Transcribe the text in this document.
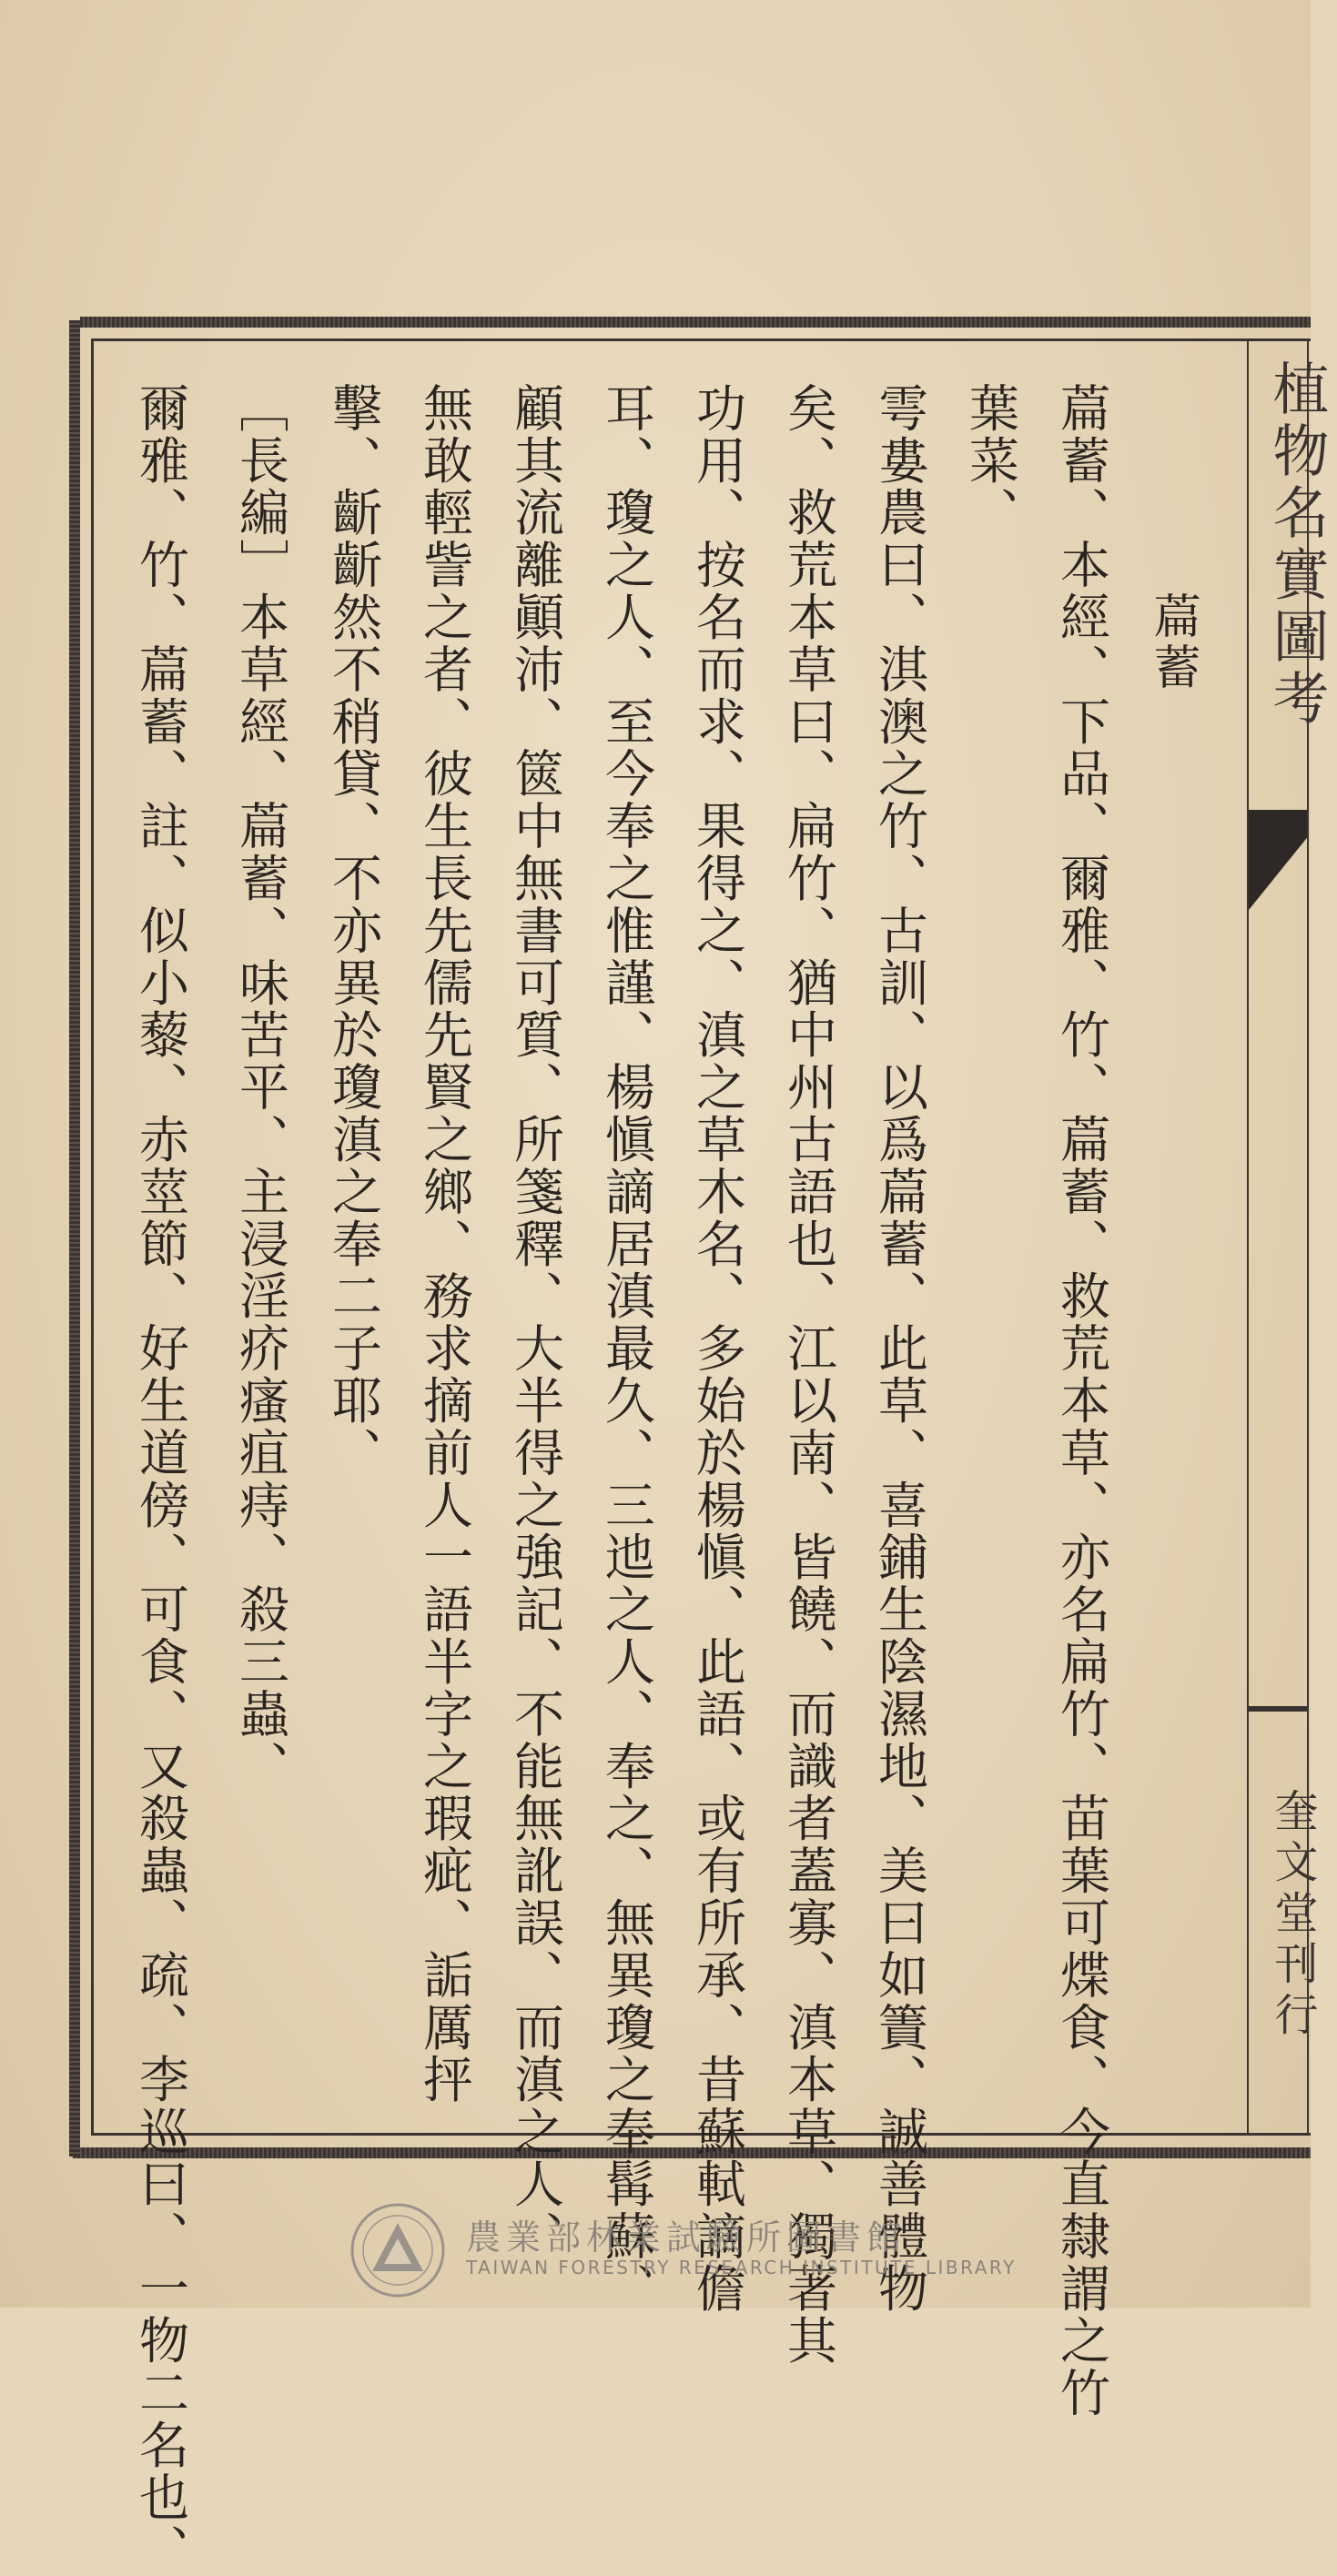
植物名實圖考
奎文堂刊行
萹蓄
萹蓄、本經、下品、爾雅、竹、萹蓄、救荒本草、亦名扁竹、苗葉可煠食、今直隸謂之竹
葉菜、
雩婁農曰、淇澳之竹、古訓、以爲萹蓄、此草、喜鋪生陰濕地、美曰如簀、誠善體物
矣、救荒本草曰、扁竹、猶中州古語也、江以南、皆饒、而識者蓋寡、滇本草、獨著其
功用、按名而求、果得之、滇之草木名、多始於楊愼、此語、或有所承、昔蘇軾謫儋
耳、瓊之人、至今奉之惟謹、楊愼謫居滇最久、三迆之人、奉之、無異瓊之奉髯蘇、
顧其流離顚沛、篋中無書可質、所箋釋、大半得之強記、不能無訛誤、而滇之人、
無敢輕訾之者、彼生長先儒先賢之鄉、務求摘前人一語半字之瑕疵、詬厲抨
擊、齗齗然不稍貸、不亦異於瓊滇之奉二子耶、
［長編］本草經、萹蓄、味苦平、主浸淫疥瘙疽痔、殺三蟲、
爾雅、竹、萹蓄、註、似小藜、赤莖節、好生道傍、可食、又殺蟲、疏、李巡曰、一物二名也、	農業部林業試驗所圖書館
TAIWAN FORESTRY RESEARCH INSTITUTE LIBRARY
